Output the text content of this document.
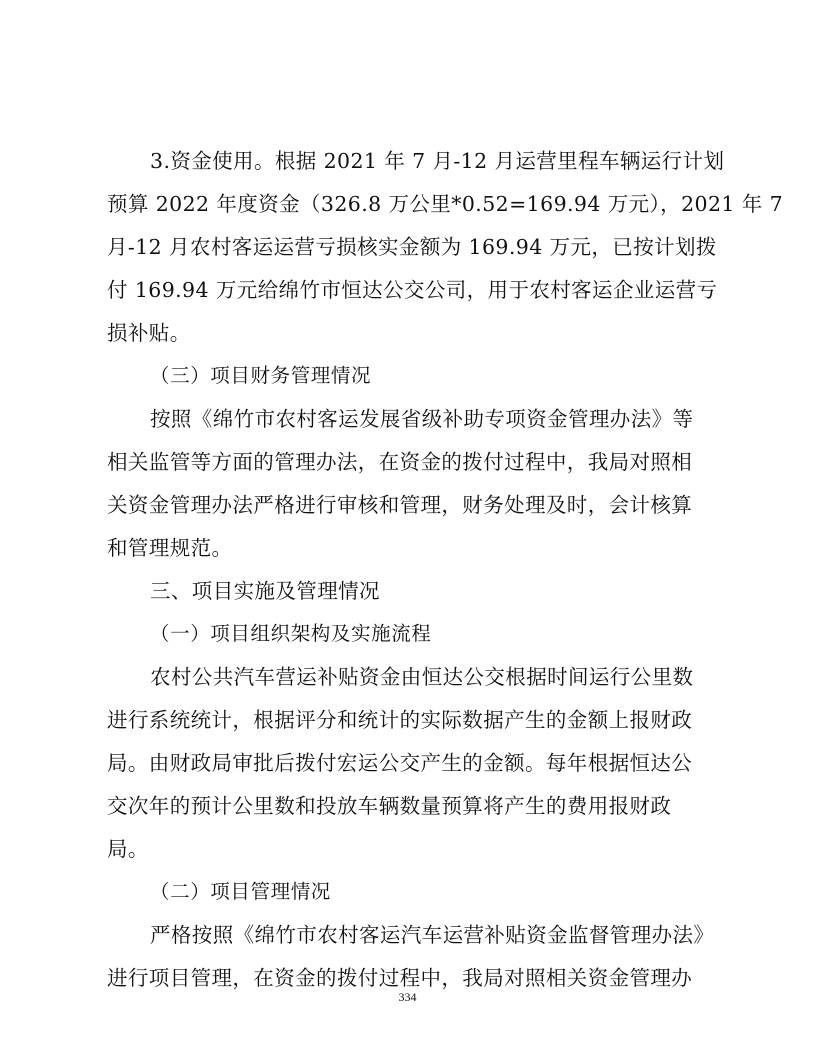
3.资金使用。根据 2021 年 7 月-12 月运营里程车辆运行计划
预算 2022 年度资金（326.8 万公里*0.52=169.94 万元），2021 年 7
月-12 月农村客运运营亏损核实金额为 169.94 万元，已按计划拨
付 169.94 万元给绵竹市恒达公交公司，用于农村客运企业运营亏
损补贴。
（三）项目财务管理情况
按照《绵竹市农村客运发展省级补助专项资金管理办法》等
相关监管等方面的管理办法，在资金的拨付过程中，我局对照相
关资金管理办法严格进行审核和管理，财务处理及时，会计核算
和管理规范。
三、项目实施及管理情况
（一）项目组织架构及实施流程
农村公共汽车营运补贴资金由恒达公交根据时间运行公里数
进行系统统计，根据评分和统计的实际数据产生的金额上报财政
局。由财政局审批后拨付宏运公交产生的金额。每年根据恒达公
交次年的预计公里数和投放车辆数量预算将产生的费用报财政
局。
（二）项目管理情况
严格按照《绵竹市农村客运汽车运营补贴资金监督管理办法》
进行项目管理，在资金的拨付过程中，我局对照相关资金管理办
334
